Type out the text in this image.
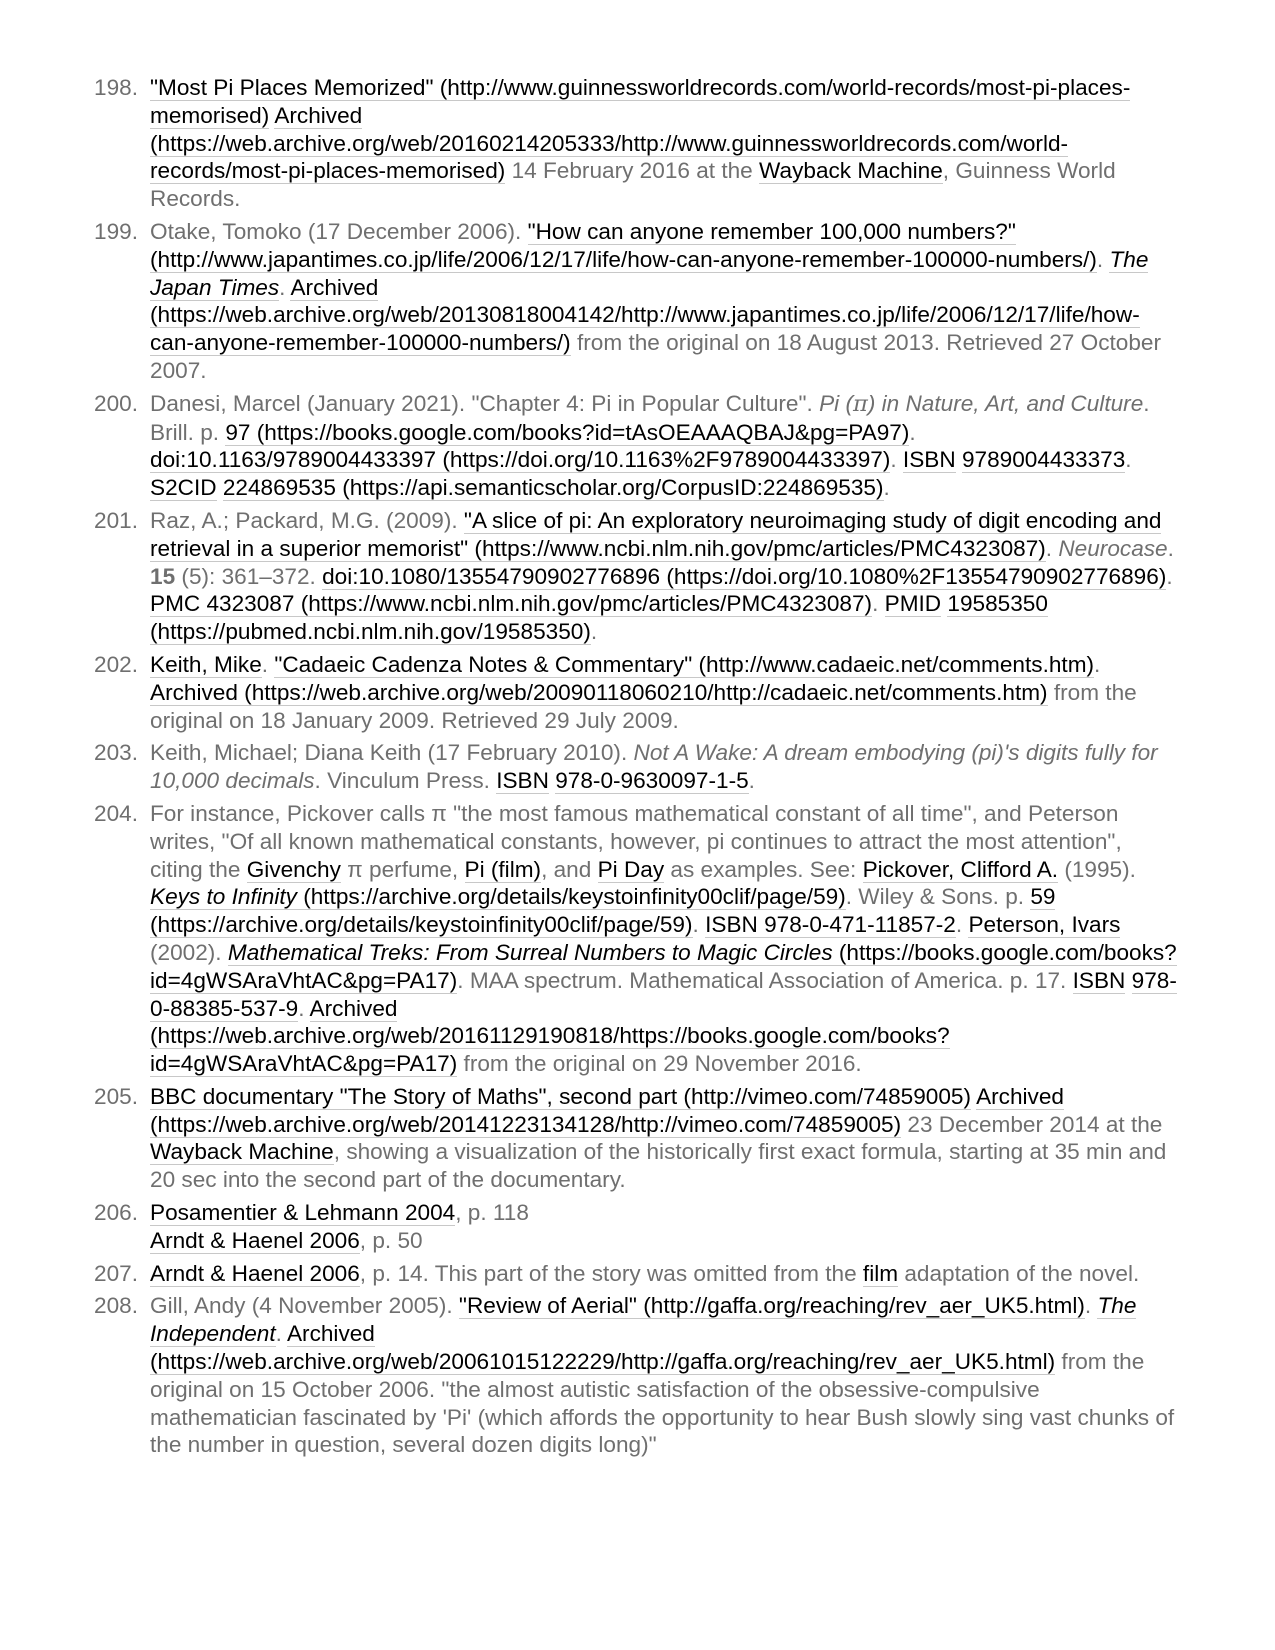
198. "Most Pi Places Memorized" (http://www.guinnessworldrecords.com/world-records/most-pi-places-memorised) Archived (https://web.archive.org/web/20160214205333/http://www.guinnessworldrecords.com/world-records/most-pi-places-memorised) 14 February 2016 at the Wayback Machine, Guinness World Records.
199. Otake, Tomoko (17 December 2006). "How can anyone remember 100,000 numbers?" (http://www.japantimes.co.jp/life/2006/12/17/life/how-can-anyone-remember-100000-numbers/). The Japan Times. Archived (https://web.archive.org/web/20130818004142/http://www.japantimes.co.jp/life/2006/12/17/life/how-can-anyone-remember-100000-numbers/) from the original on 18 August 2013. Retrieved 27 October 2007.
200. Danesi, Marcel (January 2021). "Chapter 4: Pi in Popular Culture". Pi (π) in Nature, Art, and Culture. Brill. p. 97 (https://books.google.com/books?id=tAsOEAAAQBAJ&pg=PA97). doi:10.1163/9789004433397 (https://doi.org/10.1163%2F9789004433397). ISBN 9789004433373. S2CID 224869535 (https://api.semanticscholar.org/CorpusID:224869535).
201. Raz, A.; Packard, M.G. (2009). "A slice of pi: An exploratory neuroimaging study of digit encoding and retrieval in a superior memorist" (https://www.ncbi.nlm.nih.gov/pmc/articles/PMC4323087). Neurocase. 15 (5): 361–372. doi:10.1080/13554790902776896 (https://doi.org/10.1080%2F13554790902776896). PMC 4323087 (https://www.ncbi.nlm.nih.gov/pmc/articles/PMC4323087). PMID 19585350 (https://pubmed.ncbi.nlm.nih.gov/19585350).
202. Keith, Mike. "Cadaeic Cadenza Notes & Commentary" (http://www.cadaeic.net/comments.htm). Archived (https://web.archive.org/web/20090118060210/http://cadaeic.net/comments.htm) from the original on 18 January 2009. Retrieved 29 July 2009.
203. Keith, Michael; Diana Keith (17 February 2010). Not A Wake: A dream embodying (pi)'s digits fully for 10,000 decimals. Vinculum Press. ISBN 978-0-9630097-1-5.
204. For instance, Pickover calls π "the most famous mathematical constant of all time", and Peterson writes, "Of all known mathematical constants, however, pi continues to attract the most attention", citing the Givenchy π perfume, Pi (film), and Pi Day as examples. See: Pickover, Clifford A. (1995). Keys to Infinity (https://archive.org/details/keystoinfinity00clif/page/59). Wiley & Sons. p. 59 (https://archive.org/details/keystoinfinity00clif/page/59). ISBN 978-0-471-11857-2. Peterson, Ivars (2002). Mathematical Treks: From Surreal Numbers to Magic Circles (https://books.google.com/books?id=4gWSAraVhtAC&pg=PA17). MAA spectrum. Mathematical Association of America. p. 17. ISBN 978-0-88385-537-9. Archived (https://web.archive.org/web/20161129190818/https://books.google.com/books?id=4gWSAraVhtAC&pg=PA17) from the original on 29 November 2016.
205. BBC documentary "The Story of Maths", second part (http://vimeo.com/74859005) Archived (https://web.archive.org/web/20141223134128/http://vimeo.com/74859005) 23 December 2014 at the Wayback Machine, showing a visualization of the historically first exact formula, starting at 35 min and 20 sec into the second part of the documentary.
206. Posamentier & Lehmann 2004, p. 118
Arndt & Haenel 2006, p. 50
207. Arndt & Haenel 2006, p. 14. This part of the story was omitted from the film adaptation of the novel.
208. Gill, Andy (4 November 2005). "Review of Aerial" (http://gaffa.org/reaching/rev_aer_UK5.html). The Independent. Archived (https://web.archive.org/web/20061015122229/http://gaffa.org/reaching/rev_aer_UK5.html) from the original on 15 October 2006. "the almost autistic satisfaction of the obsessive-compulsive mathematician fascinated by 'Pi' (which affords the opportunity to hear Bush slowly sing vast chunks of the number in question, several dozen digits long)"
